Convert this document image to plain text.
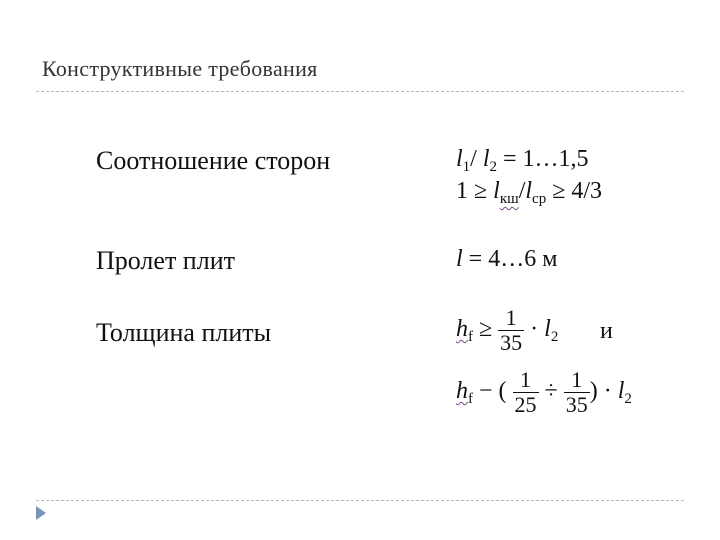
Конструктивные требования
Соотношение сторон	$l_1/$ $l_2$ = 1…1,5
$1 \ge l_{кш}/l_{ср} \ge 4/3$
Пролет плит	l = 4…6 м
Толщина плиты	$h_f \ge \frac{1}{35} \cdot l_2$ и
$h_f$ − ( $\frac{1}{25} \div \frac{1}{35}$ ) · $l_2$
